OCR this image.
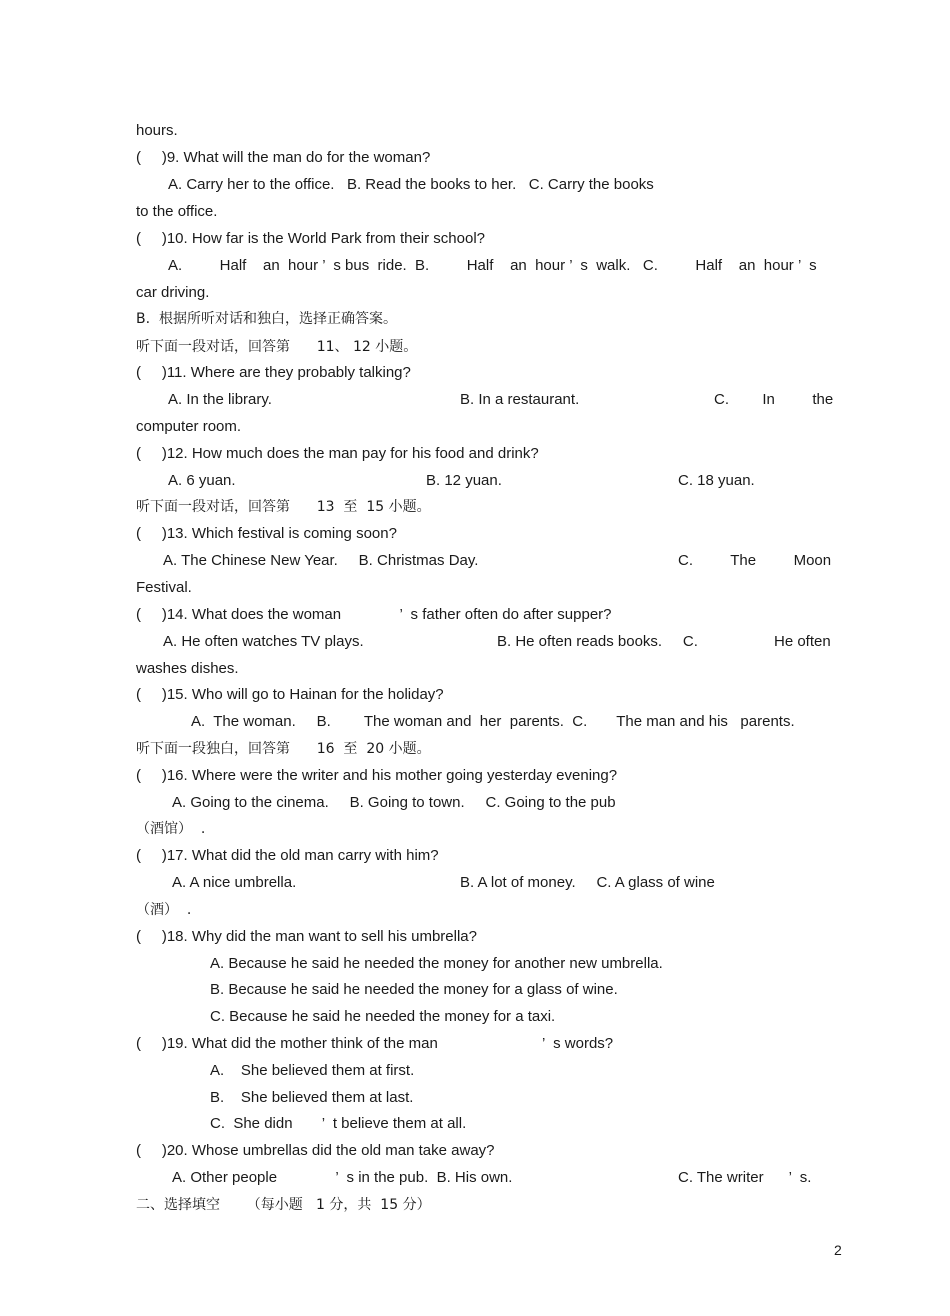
hours.
(     )9. What will the man do for the woman?
A. Carry her to the office.   B. Read the books to her.   C. Carry the books
to the office.
(     )10. How far is the World Park from their school?
A.         Half    an  hour ’  s bus  ride.  B.         Half    an  hour ’  s  walk.   C.         Half    an  hour ’  s
car driving.
B.  根据所听对话和独白，选择正确答案。
听下面一段对话，回答第      11、 12 小题。
(     )11. Where are they probably talking?
A. In the library.	B. In a restaurant.	C.        In         the
computer room.
(     )12. How much does the man pay for his food and drink?
A. 6 yuan.	B. 12 yuan.	C. 18 yuan.
听下面一段对话，回答第      13  至  15 小题。
(     )13. Which festival is coming soon?
A. The Chinese New Year.     B. Christmas Day.	C.         The         Moon
Festival.
(     )14. What does the woman              ’  s father often do after supper?
A. He often watches TV plays.	B. He often reads books.     C.	He often
washes dishes.
(     )15. Who will go to Hainan for the holiday?
A.  The woman.     B.        The woman and  her  parents.  C.       The man and his   parents.
听下面一段独白，回答第      16  至  20 小题。
(     )16. Where were the writer and his mother going yesterday evening?
A. Going to the cinema.     B. Going to town.     C. Going to the pub
（酒馆）  .
(     )17. What did the old man carry with him?
A. A nice umbrella.	B. A lot of money.     C. A glass of wine
（酒）  .
(     )18. Why did the man want to sell his umbrella?
A. Because he said he needed the money for another new umbrella.
B. Because he said he needed the money for a glass of wine.
C. Because he said he needed the money for a taxi.
(     )19. What did the mother think of the man                         ’  s words?
A.    She believed them at first.
B.    She believed them at last.
C.  She didn       ’  t believe them at all.
(     )20. Whose umbrellas did the old man take away?
A. Other people              ’  s in the pub.  B. His own.	C. The writer      ’  s.
二、选择填空      （每小题   1 分，共  15 分）
2
